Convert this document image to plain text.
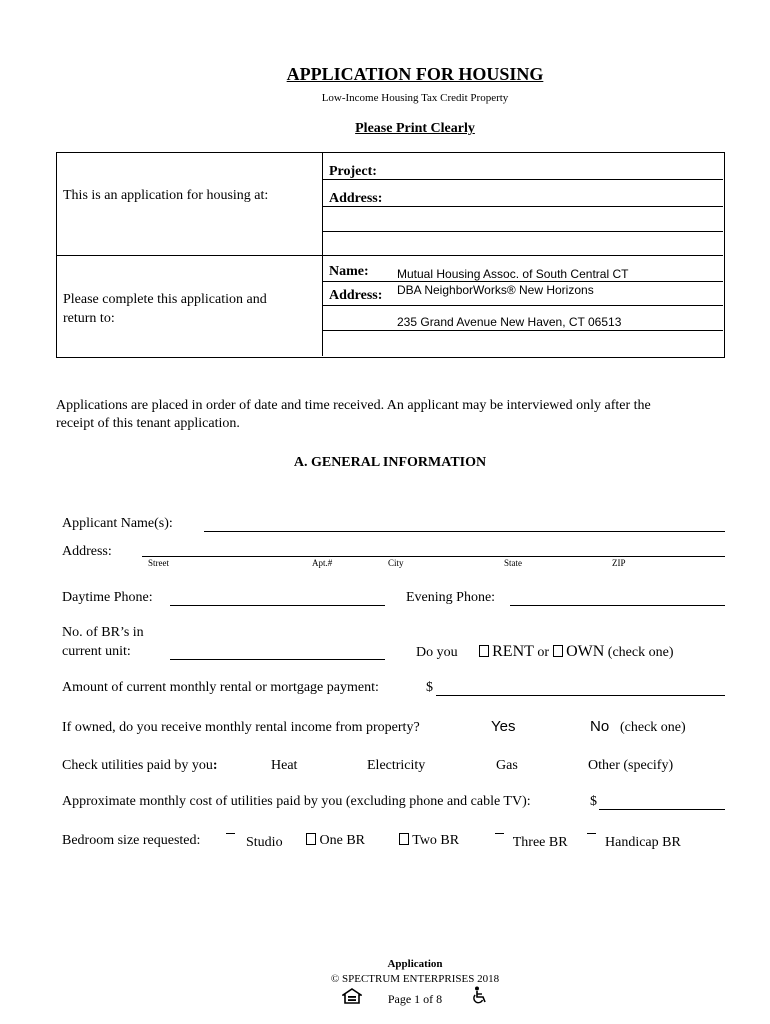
APPLICATION FOR HOUSING
Low-Income Housing Tax Credit Property
Please Print Clearly
This is an application for housing at:
Project:
Address:
Please complete this application and
return to:
Name: Mutual Housing Assoc. of South Central CT
Address: DBA NeighborWorks® New Horizons
235 Grand Avenue New Haven, CT 06513
Applications are placed in order of date and time received. An applicant may be interviewed only after the
receipt of this tenant application.
A. GENERAL INFORMATION
Applicant Name(s):
Address:
Street	Apt.#	City	State	ZIP
Daytime Phone:	Evening Phone:
No. of BR’s in
current unit:	Do you RENT or OWN (check one)
Amount of current monthly rental or mortgage payment:	$
If owned, do you receive monthly rental income from property?	Yes	No (check one)
Check utilities paid by you:	Heat	Electricity	Gas	Other (specify)
Approximate monthly cost of utilities paid by you (excluding phone and cable TV):	$
Bedroom size requested:	Studio	One BR	Two BR	Three BR	Handicap BR
Application
© SPECTRUM ENTERPRISES 2018
Page 1 of 8
